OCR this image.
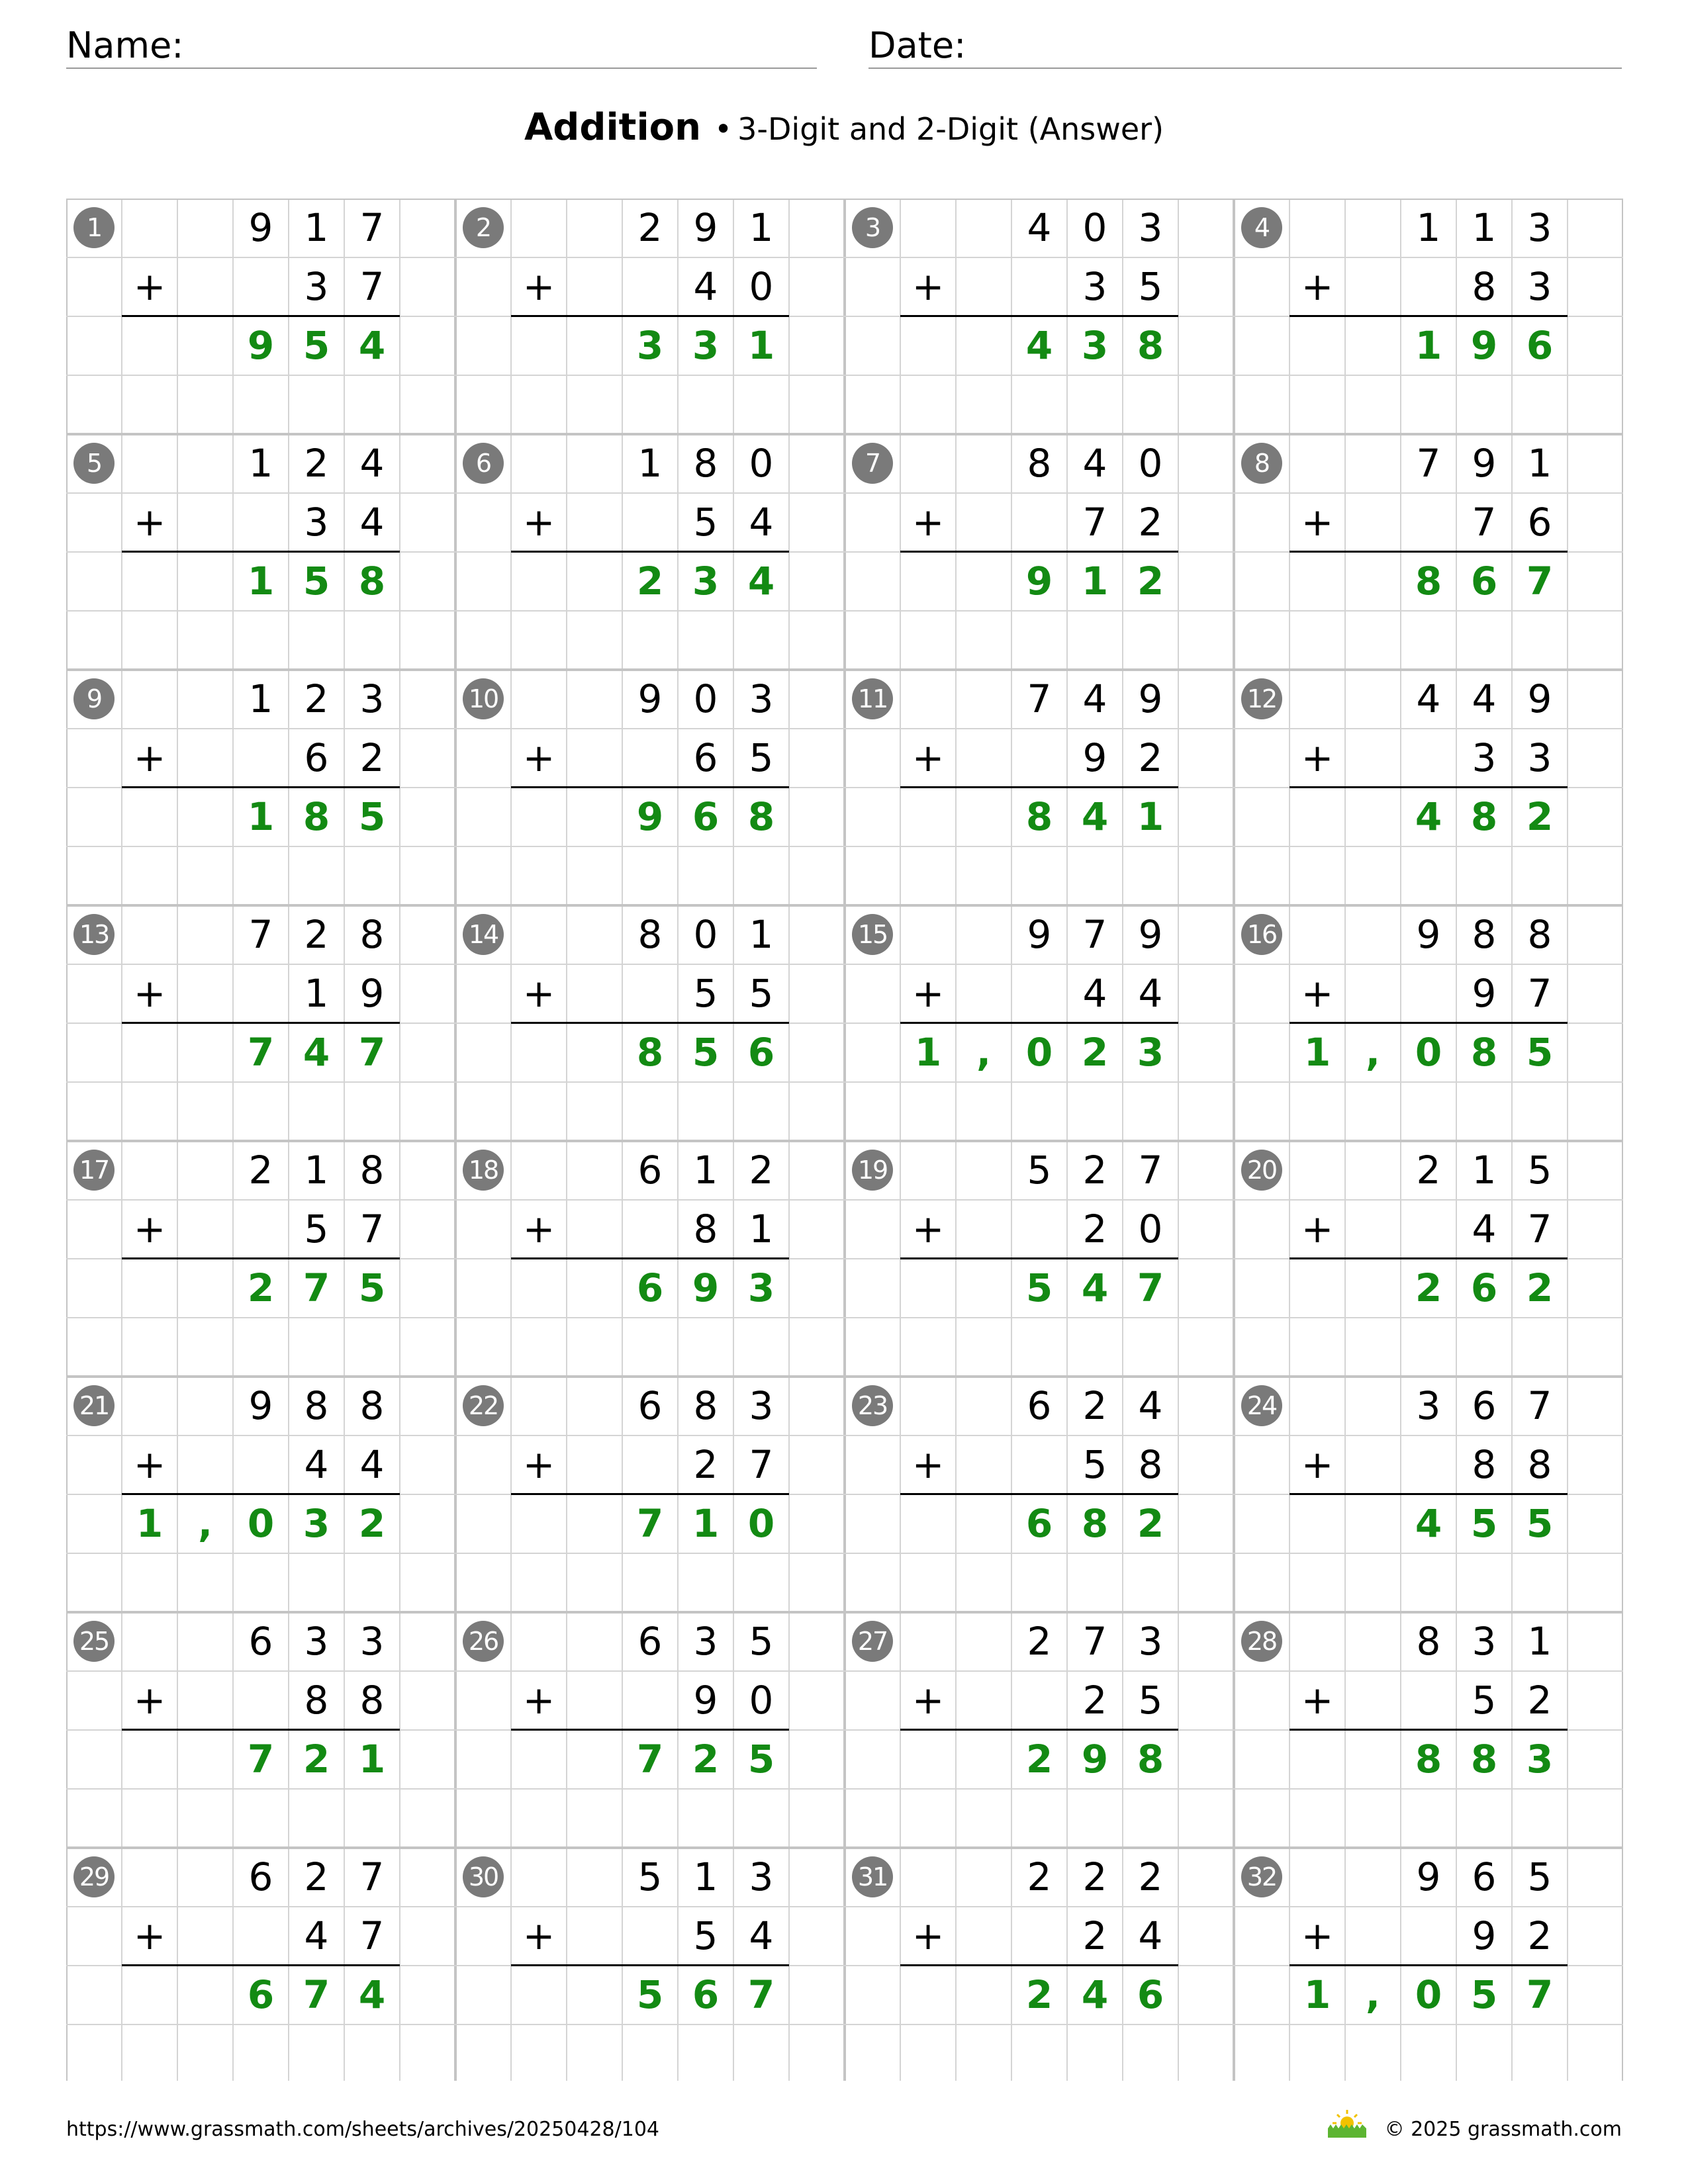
Name:	Date:
Addition • 3-Digit and 2-Digit (Answer)
1	9 1 7
+	3 7
9 5 4
2	2 9 1
+	4 0
3 3 1
3	4 0 3
+	3 5
4 3 8
4	1 1 3
+	8 3
1 9 6
5	1 2 4
+	3 4
1 5 8
6	1 8 0
+	5 4
2 3 4
7	8 4 0
+	7 2
9 1 2
8	7 9 1
+	7 6
8 6 7
9	1 2 3
+	6 2
1 8 5
10	9 0 3
+	6 5
9 6 8
11	7 4 9
+	9 2
8 4 1
12	4 4 9
+	3 3
4 8 2
13	7 2 8
+	1 9
7 4 7
14	8 0 1
+	5 5
8 5 6
15	9 7 9
+	4 4
1 , 0 2 3
16	9 8 8
+	9 7
1 , 0 8 5
17	2 1 8
+	5 7
2 7 5
18	6 1 2
+	8 1
6 9 3
19	5 2 7
+	2 0
5 4 7
20	2 1 5
+	4 7
2 6 2
21	9 8 8
+	4 4
1 , 0 3 2
22	6 8 3
+	2 7
7 1 0
23	6 2 4
+	5 8
6 8 2
24	3 6 7
+	8 8
4 5 5
25	6 3 3
+	8 8
7 2 1
26	6 3 5
+	9 0
7 2 5
27	2 7 3
+	2 5
2 9 8
28	8 3 1
+	5 2
8 8 3
29	6 2 7
+	4 7
6 7 4
30	5 1 3
+	5 4
5 6 7
31	2 2 2
+	2 4
2 4 6
32	9 6 5
+	9 2
1 , 0 5 7
https://www.grassmath.com/sheets/archives/20250428/104	© 2025 grassmath.com
